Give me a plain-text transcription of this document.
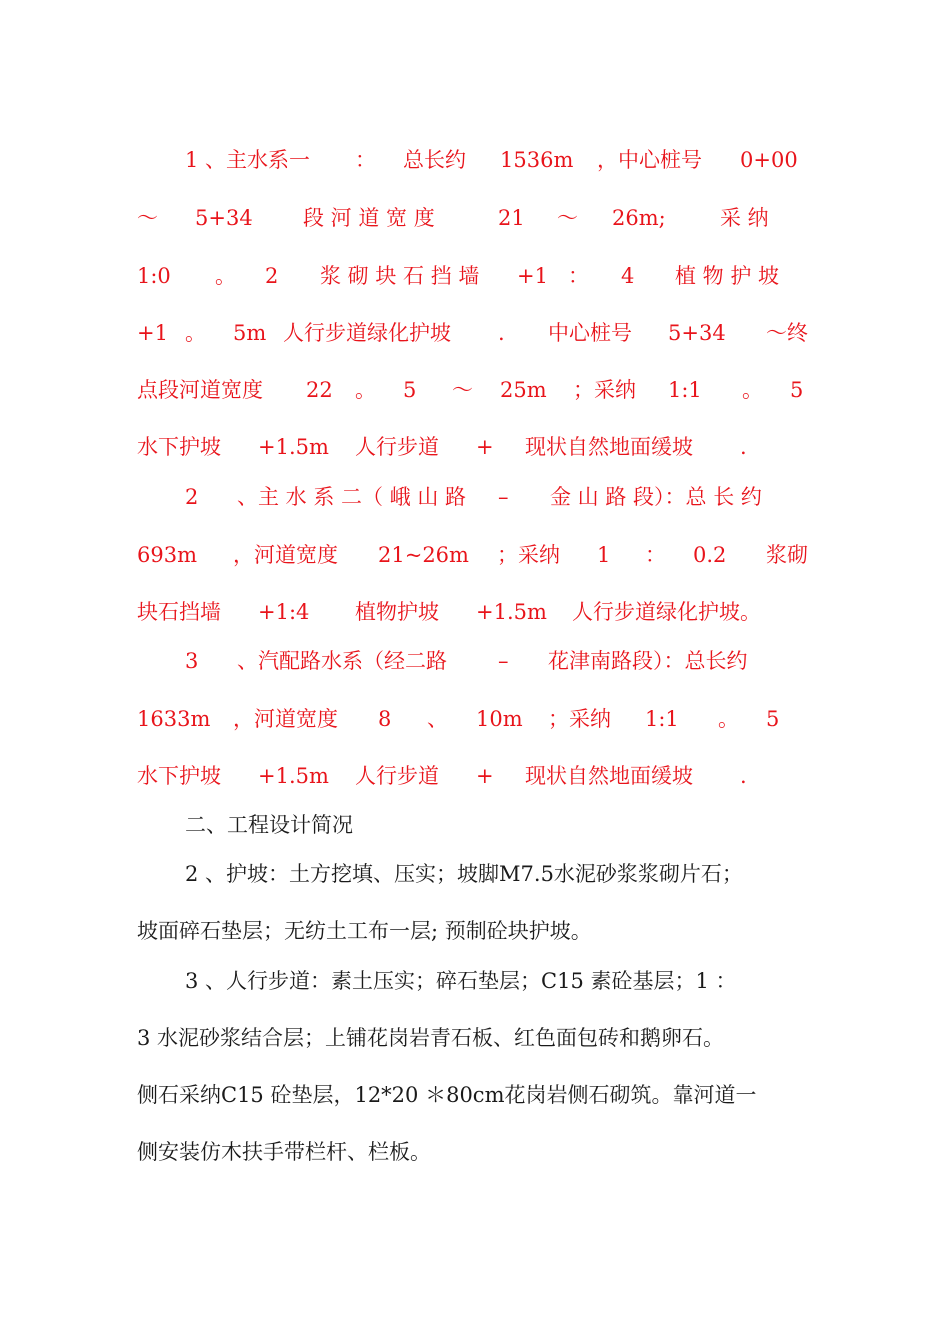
1 、主水系一 ： 总长约 1536m ，中心桩号 0+00
～ 5+34 段 河 道 宽 度	21 ～ 26m;	采 纳
1:0 。 2 浆 砌 块 石 挡 墙 +1 ： 4 植 物 护 坡
+1 。 5m 人行步道绿化护坡 . 中心桩号 5+34 ～终
点段河道宽度 22 。 5 ～ 25m ；采纳 1:1 。 5
水下护坡 +1.5m 人行步道 + 现状自然地面缓坡 .
2 、主 水 系 二（ 峨 山 路 – 金 山 路 段）：总 长 约
693m ，河道宽度 21~26m ；采纳 1 ： 0.2 浆砌
块石挡墙 +1:4 植物护坡 +1.5m 人行步道绿化护坡。
3 、汽配路水系（经二路 – 花津南路段）：总长约
1633m ，河道宽度 8 、 10m ；采纳 1:1 。 5
水下护坡 +1.5m 人行步道 + 现状自然地面缓坡 .
二、工程设计简况
2 、护坡：土方挖填、压实；坡脚M7.5水泥砂浆浆砌片石；
坡面碎石垫层；无纺土工布一层; 预制砼块护坡。
3 、人行步道：素土压实；碎石垫层；C15 素砼基层；1 ：
3 水泥砂浆结合层；上铺花岗岩青石板、红色面包砖和鹅卵石。
侧石采纳C15 砼垫层，12*20 ＊80cm花岗岩侧石砌筑。靠河道一
侧安装仿木扶手带栏杆、栏板。
